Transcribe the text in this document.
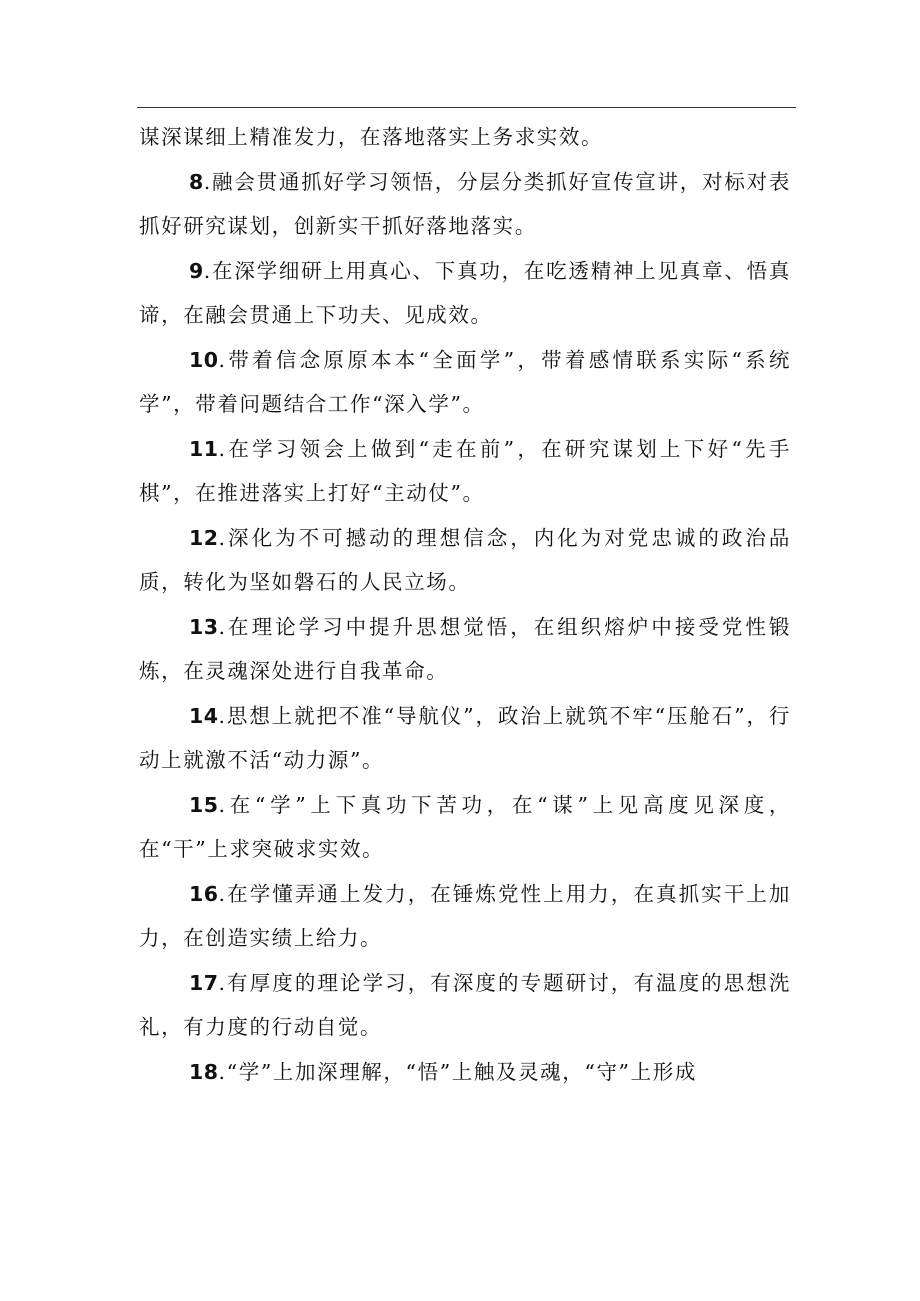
谋深谋细上精准发力，在落地落实上务求实效。

8.融会贯通抓好学习领悟，分层分类抓好宣传宣讲，对标对表抓好研究谋划，创新实干抓好落地落实。

9.在深学细研上用真心、下真功，在吃透精神上见真章、悟真谛，在融会贯通上下功夫、见成效。

10.带着信念原原本本“全面学”，带着感情联系实际“系统学”，带着问题结合工作“深入学”。

11.在学习领会上做到“走在前”，在研究谋划上下好“先手棋”，在推进落实上打好“主动仗”。

12.深化为不可撼动的理想信念，内化为对党忠诚的政治品质，转化为坚如磐石的人民立场。

13.在理论学习中提升思想觉悟，在组织熔炉中接受党性锻炼，在灵魂深处进行自我革命。

14.思想上就把不准“导航仪”，政治上就筑不牢“压舱石”，行动上就激不活“动力源”。

15.在“学”上下真功下苦功，在“谋”上见高度见深度，在“干”上求突破求实效。

16.在学懂弄通上发力，在锤炼党性上用力，在真抓实干上加力，在创造实绩上给力。

17.有厚度的理论学习，有深度的专题研讨，有温度的思想洗礼，有力度的行动自觉。

18.“学”上加深理解，“悟”上触及灵魂，“守”上形成
